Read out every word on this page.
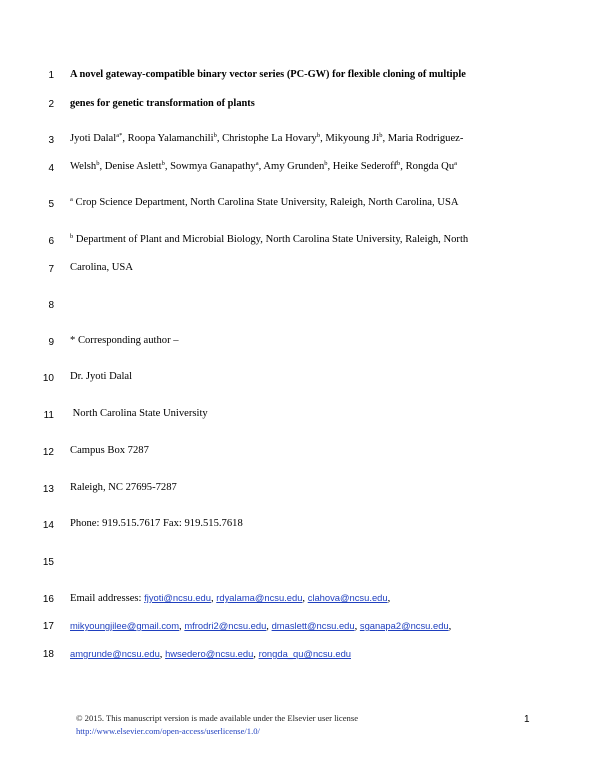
1
2
3
4
5
6
7
8
9
10
11
12
13
14
15
16
17
18
A novel gateway-compatible binary vector series (PC-GW) for flexible cloning of multiple
genes for genetic transformation of plants
Jyoti Dalal$^{a*}$, Roopa Yalamanchili$^b$, Christophe La Hovary$^b$, Mikyoung Ji$^b$, Maria Rodriguez-
Welsh$^b$, Denise Aslett$^b$, Sowmya Ganapathy$^a$, Amy Grunden$^b$, Heike Sederoff$^b$, Rongda Qu$^a$
$^a$ Crop Science Department, North Carolina State University, Raleigh, North Carolina, USA
$^b$ Department of Plant and Microbial Biology, North Carolina State University, Raleigh, North
Carolina, USA
* Corresponding author –
Dr. Jyoti Dalal
North Carolina State University
Campus Box 7287
Raleigh, NC 27695-7287
Phone: 919.515.7617 Fax: 919.515.7618
Email addresses: fjyoti@ncsu.edu, rdyalama@ncsu.edu, clahova@ncsu.edu,
mikyoungjilee@gmail.com, mfrodri2@ncsu.edu, dmaslett@ncsu.edu, sganapa2@ncsu.edu,
amgrunde@ncsu.edu, hwsedero@ncsu.edu, rongda_qu@ncsu.edu
© 2015. This manuscript version is made available under the Elsevier user license
http://www.elsevier.com/open-access/userlicense/1.0/
1
